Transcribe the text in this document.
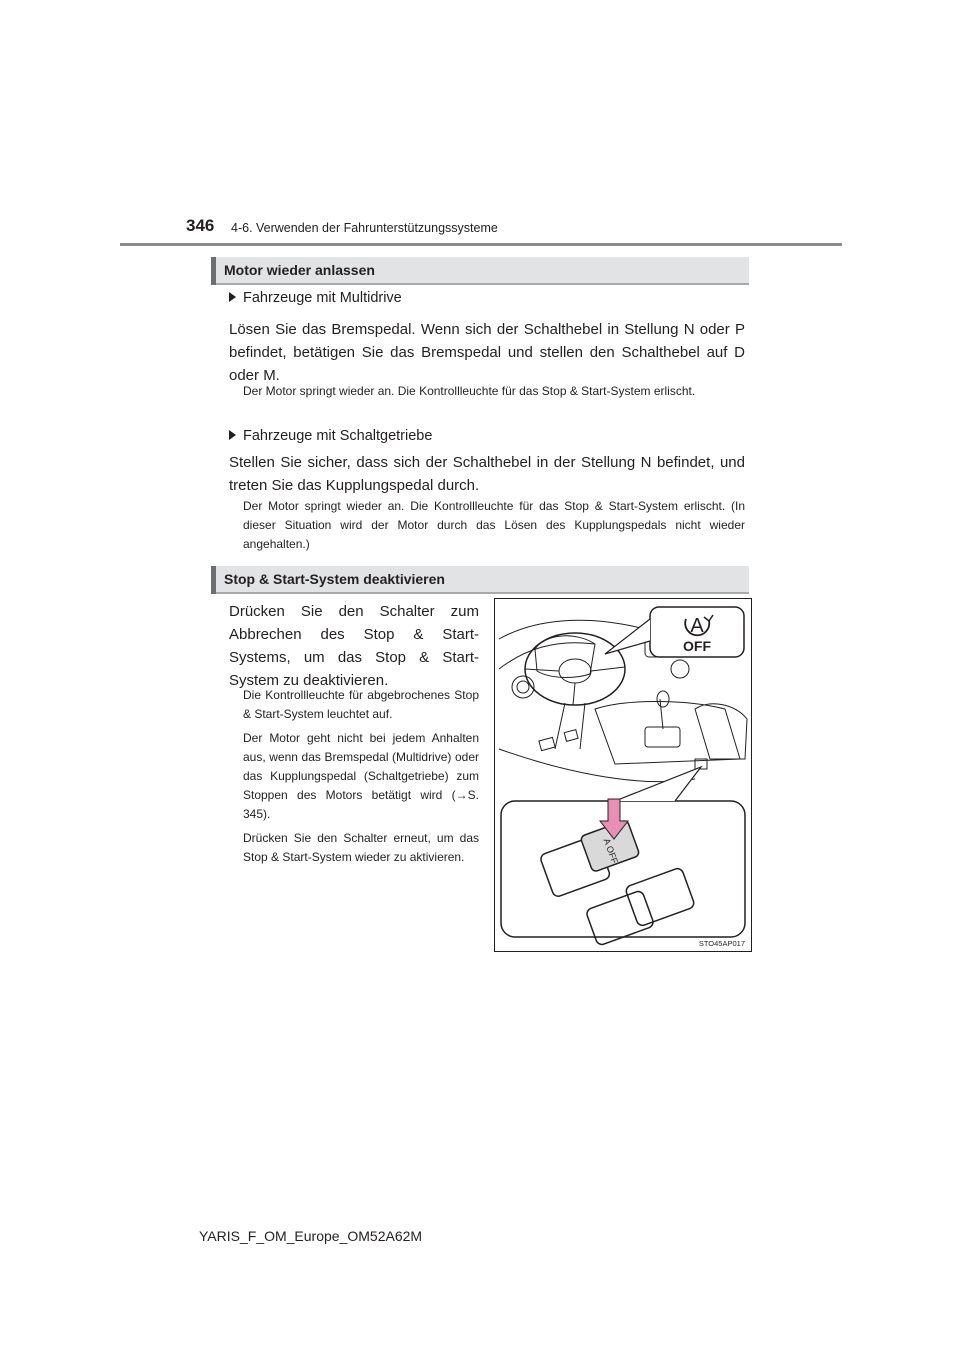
346 4-6. Verwenden der Fahrunterstützungssysteme
Motor wieder anlassen
Fahrzeuge mit Multidrive
Lösen Sie das Bremspedal. Wenn sich der Schalthebel in Stellung N oder P befindet, betätigen Sie das Bremspedal und stellen den Schalthebel auf D oder M.
Der Motor springt wieder an. Die Kontrollleuchte für das Stop & Start-System erlischt.
Fahrzeuge mit Schaltgetriebe
Stellen Sie sicher, dass sich der Schalthebel in der Stellung N befindet, und treten Sie das Kupplungspedal durch.
Der Motor springt wieder an. Die Kontrollleuchte für das Stop & Start-System erlischt. (In dieser Situation wird der Motor durch das Lösen des Kupplungspedals nicht wieder angehalten.)
Stop & Start-System deaktivieren
Drücken Sie den Schalter zum Abbrechen des Stop & Start-Systems, um das Stop & Start-System zu deaktivieren.
Die Kontrollleuchte für abgebrochenes Stop & Start-System leuchtet auf.
Der Motor geht nicht bei jedem Anhalten aus, wenn das Bremspedal (Multidrive) oder das Kupplungspedal (Schaltgetriebe) zum Stoppen des Motors betätigt wird (→S. 345).
Drücken Sie den Schalter erneut, um das Stop & Start-System wieder zu aktivieren.
A
OFF
A OFF
STO45AP017
YARIS_F_OM_Europe_OM52A62M
